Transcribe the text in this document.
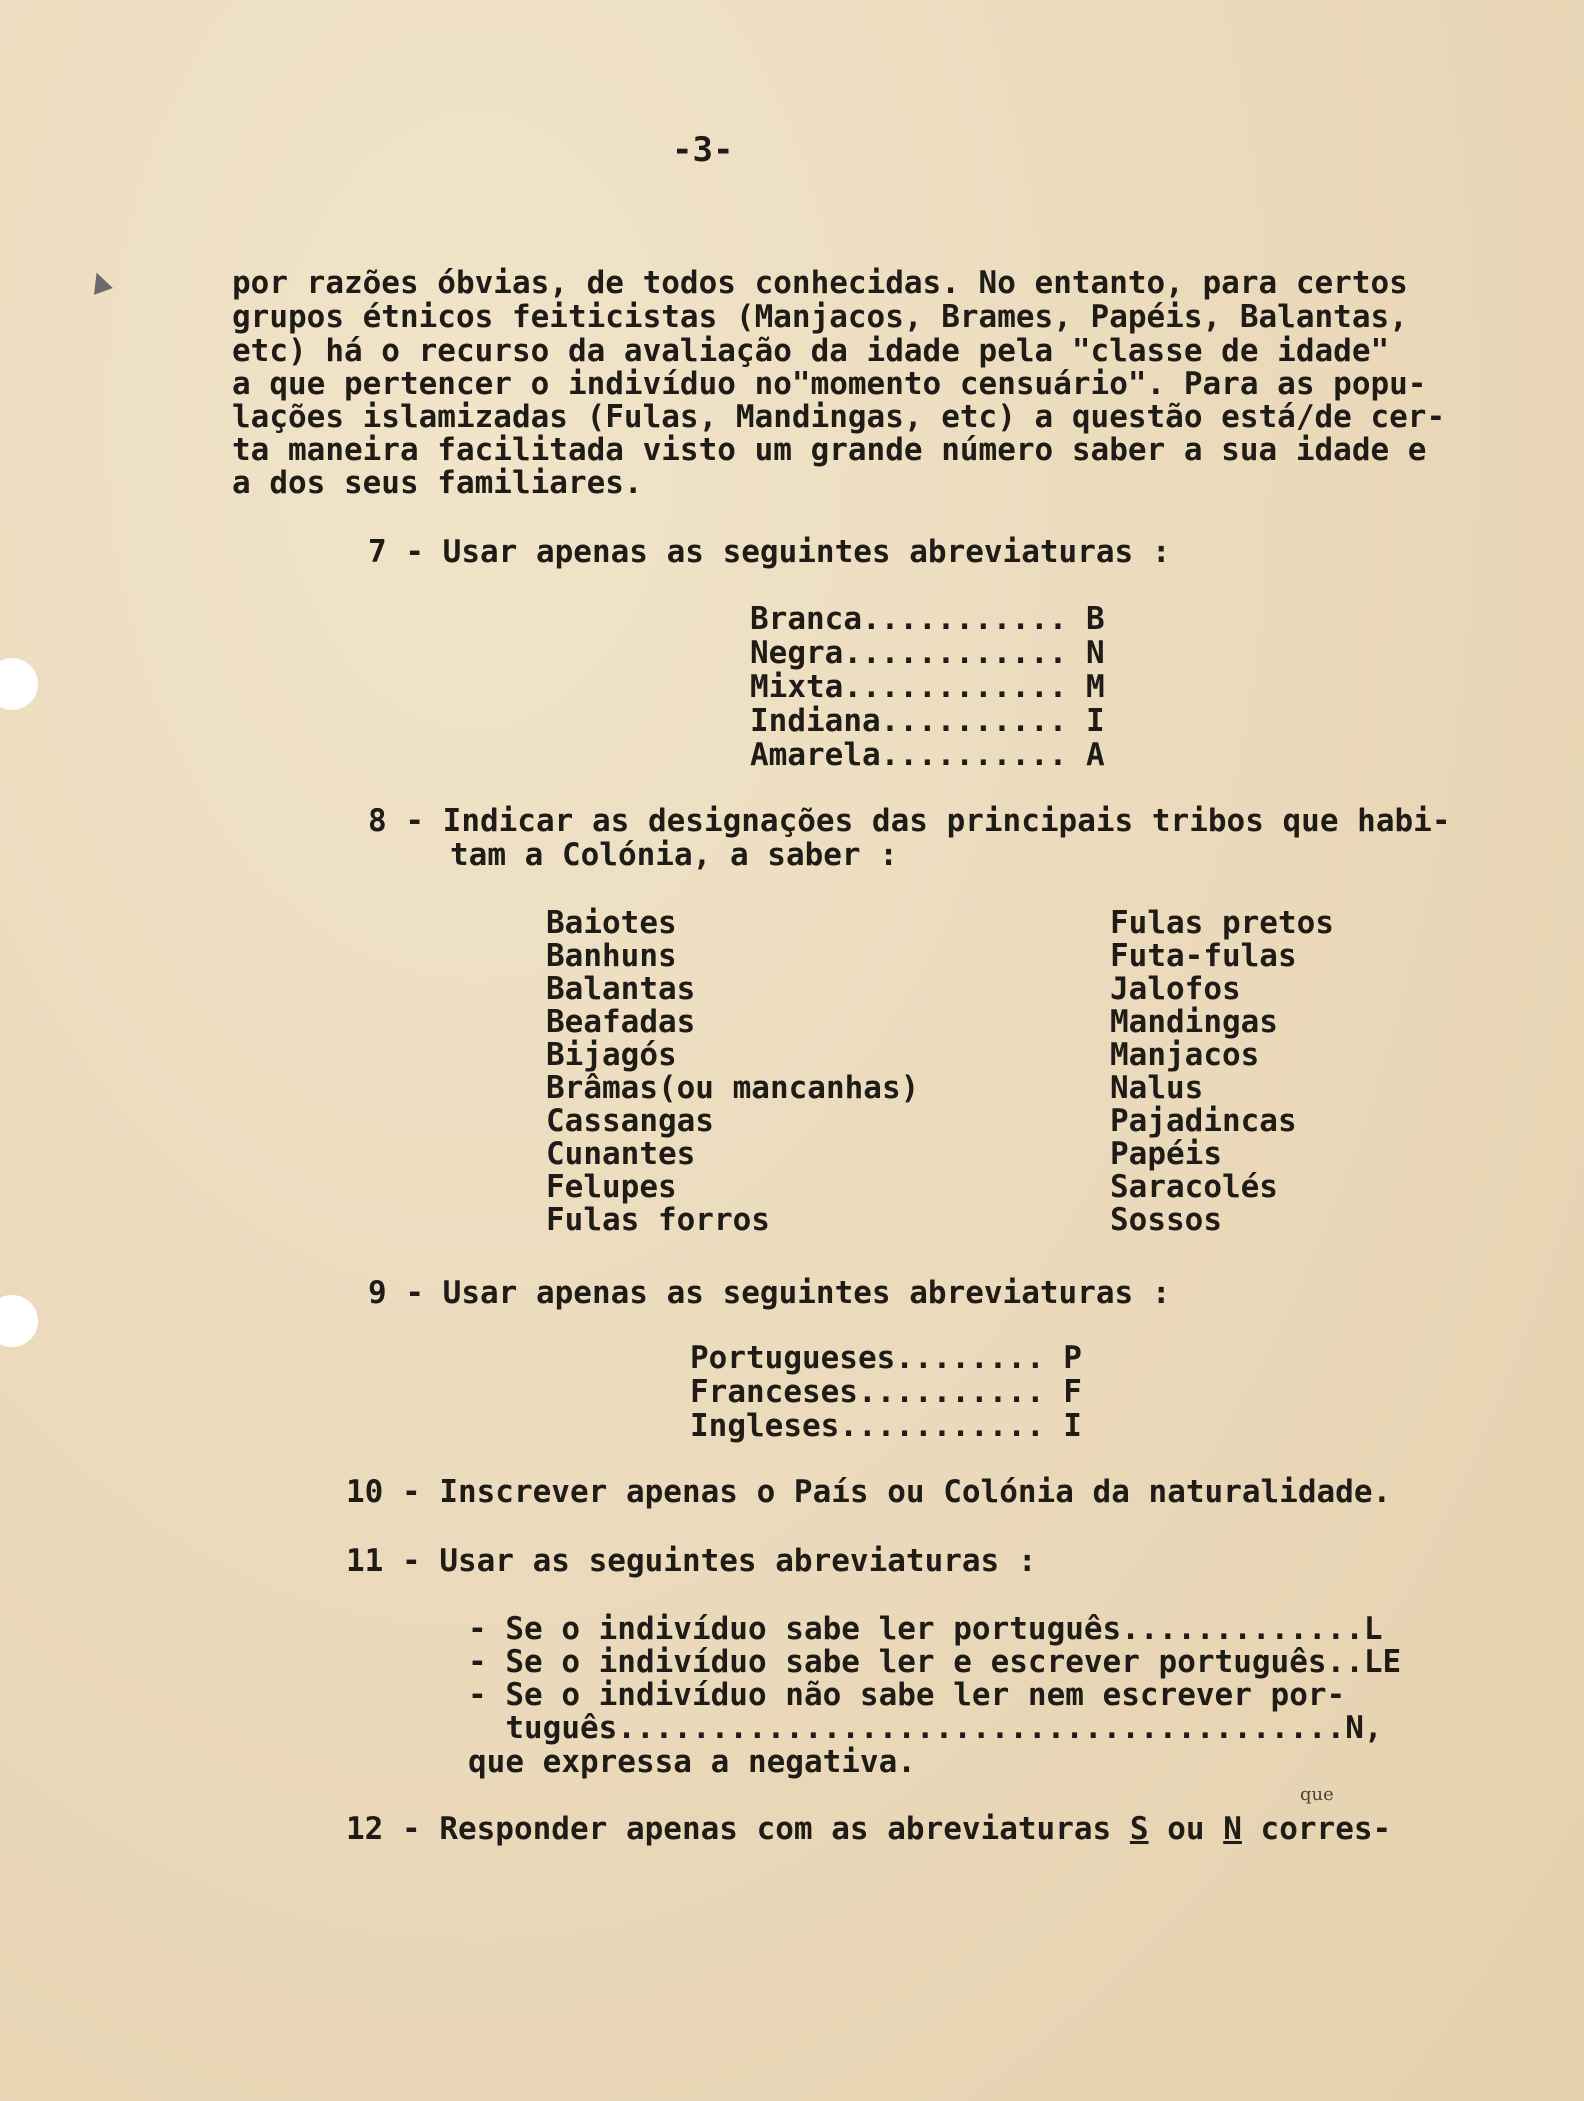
-3-
por razões óbvias, de todos conhecidas. No entanto, para certos
grupos étnicos feiticistas (Manjacos, Brames, Papéis, Balantas,
etc) há o recurso da avaliação da idade pela "classe de idade"
a que pertencer o indivíduo no"momento censuário". Para as popu-
lações islamizadas (Fulas, Mandingas, etc) a questão está/de cer-
ta maneira facilitada visto um grande número saber a sua idade e
a dos seus familiares.
7 - Usar apenas as seguintes abreviaturas :
Branca........... B
Negra............ N
Mixta............ M
Indiana.......... I
Amarela.......... A
8 - Indicar as designações das principais tribos que habi-
tam a Colónia, a saber :
Baiotes
Banhuns
Balantas
Beafadas
Bijagós
Brâmas(ou mancanhas)
Cassangas
Cunantes
Felupes
Fulas forros
Fulas pretos
Futa-fulas
Jalofos
Mandingas
Manjacos
Nalus
Pajadincas
Papéis
Saracolés
Sossos
9 - Usar apenas as seguintes abreviaturas :
Portugueses........ P
Franceses.......... F
Ingleses........... I
10 - Inscrever apenas o País ou Colónia da naturalidade.
11 - Usar as seguintes abreviaturas :
- Se o indivíduo sabe ler português.............L
- Se o indivíduo sabe ler e escrever português..LE
- Se o indivíduo não sabe ler nem escrever por-
tuguês.......................................N,
que expressa a negativa.
12 - Responder apenas com as abreviaturas S ou N corres-
que
